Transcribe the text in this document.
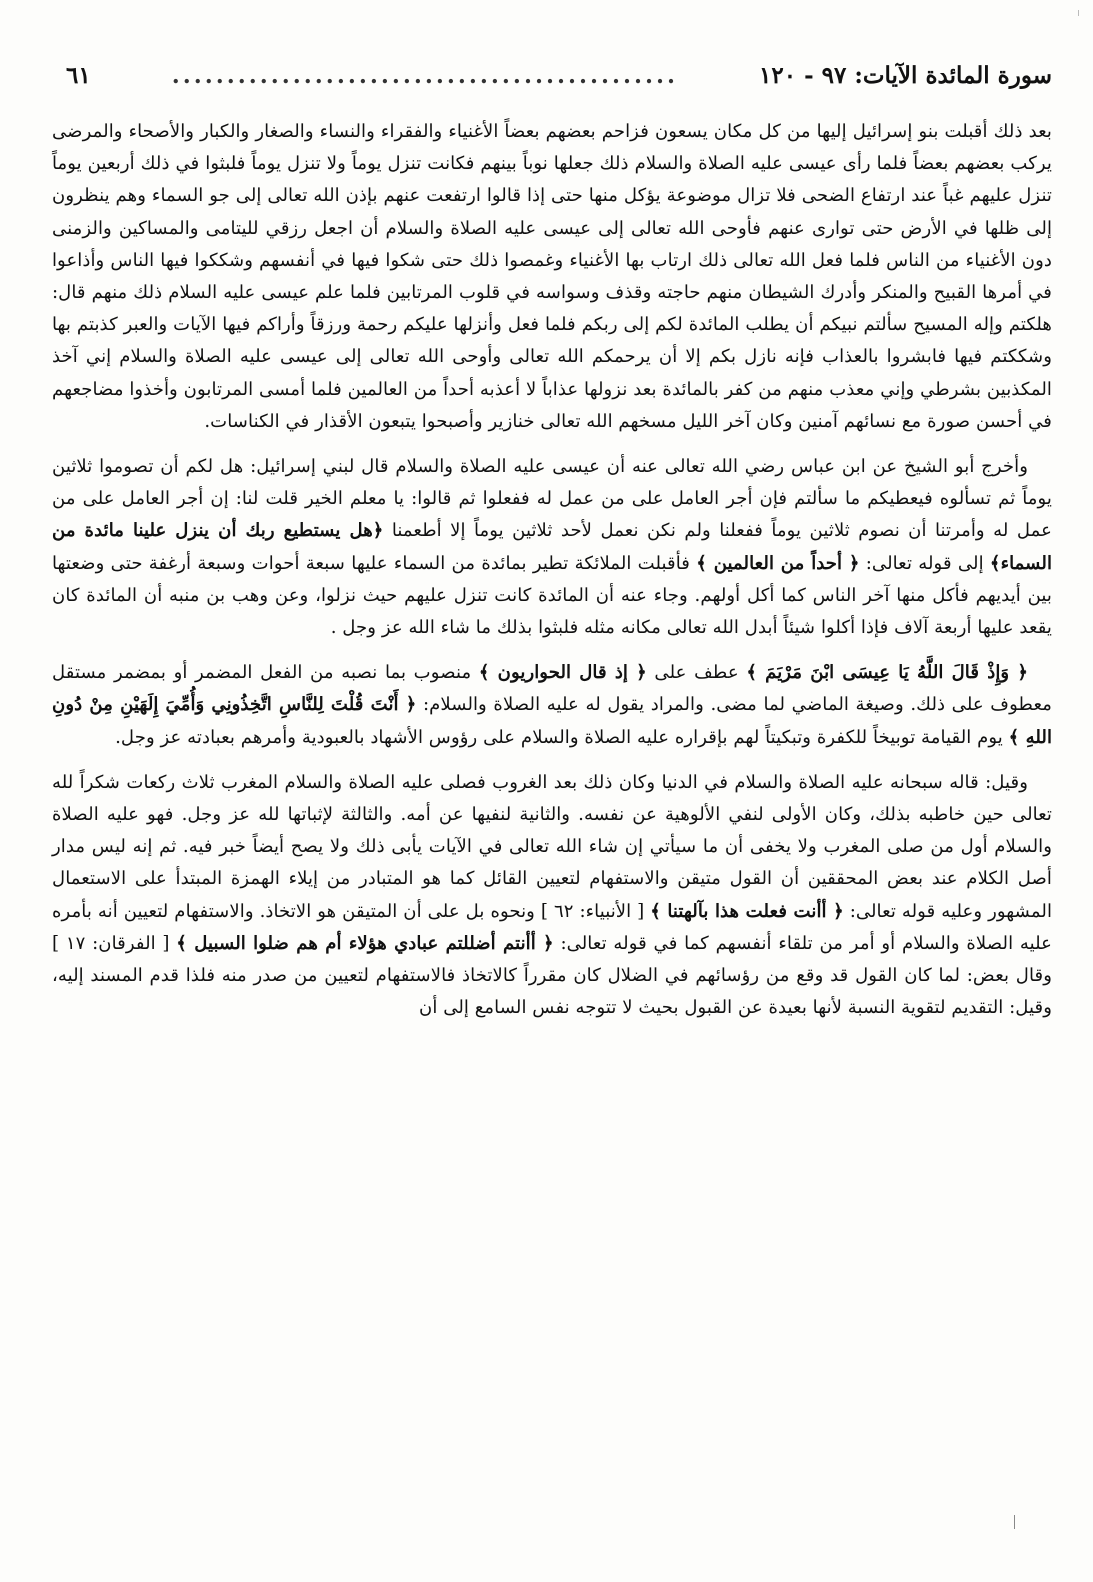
سورة المائدة الآيات: ٩٧ - ١٢٠
..............................................
٦١

بعد ذلك أقبلت بنو إسرائيل إليها من كل مكان يسعون فزاحم بعضهم بعضاً الأغنياء والفقراء والنساء والصغار والكبار والأصحاء والمرضى يركب بعضهم بعضاً فلما رأى عيسى عليه الصلاة والسلام ذلك جعلها نوباً بينهم فكانت تنزل يوماً ولا تنزل يوماً فلبثوا في ذلك أربعين يوماً تنزل عليهم غباً عند ارتفاع الضحى فلا تزال موضوعة يؤكل منها حتى إذا قالوا ارتفعت عنهم بإذن الله تعالى إلى جو السماء وهم ينظرون إلى ظلها في الأرض حتى توارى عنهم فأوحى الله تعالى إلى عيسى عليه الصلاة والسلام أن اجعل رزقي لليتامى والمساكين والزمنى دون الأغنياء من الناس فلما فعل الله تعالى ذلك ارتاب بها الأغنياء وغمصوا ذلك حتى شكوا فيها في أنفسهم وشككوا فيها الناس وأذاعوا في أمرها القبيح والمنكر وأدرك الشيطان منهم حاجته وقذف وسواسه في قلوب المرتابين فلما علم عيسى عليه السلام ذلك منهم قال: هلكتم وإله المسيح سألتم نبيكم أن يطلب المائدة لكم إلى ربكم فلما فعل وأنزلها عليكم رحمة ورزقاً وأراكم فيها الآيات والعبر كذبتم بها وشككتم فيها فابشروا بالعذاب فإنه نازل بكم إلا أن يرحمكم الله تعالى وأوحى الله تعالى إلى عيسى عليه الصلاة والسلام إني آخذ المكذبين بشرطي وإني معذب منهم من كفر بالمائدة بعد نزولها عذاباً لا أعذبه أحداً من العالمين فلما أمسى المرتابون وأخذوا مضاجعهم في أحسن صورة مع نسائهم آمنين وكان آخر الليل مسخهم الله تعالى خنازير وأصبحوا يتبعون الأقذار في الكناسات.

وأخرج أبو الشيخ عن ابن عباس رضي الله تعالى عنه أن عيسى عليه الصلاة والسلام قال لبني إسرائيل: هل لكم أن تصوموا ثلاثين يوماً ثم تسألوه فيعطيكم ما سألتم فإن أجر العامل على من عمل له ففعلوا ثم قالوا: يا معلم الخير قلت لنا: إن أجر العامل على من عمل له وأمرتنا أن نصوم ثلاثين يوماً ففعلنا ولم نكن نعمل لأحد ثلاثين يوماً إلا أطعمنا ﴿هل يستطيع ربك أن ينزل علينا مائدة من السماء﴾ إلى قوله تعالى: ﴿ أحداً من العالمين ﴾ فأقبلت الملائكة تطير بمائدة من السماء عليها سبعة أحوات وسبعة أرغفة حتى وضعتها بين أيديهم فأكل منها آخر الناس كما أكل أولهم. وجاء عنه أن المائدة كانت تنزل عليهم حيث نزلوا، وعن وهب بن منبه أن المائدة كان يقعد عليها أربعة آلاف فإذا أكلوا شيئاً أبدل الله تعالى مكانه مثله فلبثوا بذلك ما شاء الله عز وجل .

﴿ وَإِذْ قَالَ اللَّهُ يَا عِيسَى ابْنَ مَرْيَمَ ﴾ عطف على ﴿ إذ قال الحواريون ﴾ منصوب بما نصبه من الفعل المضمر أو بمضمر مستقل معطوف على ذلك. وصيغة الماضي لما مضى. والمراد يقول له عليه الصلاة والسلام: ﴿ أَنْتَ قُلْتَ لِلنَّاسِ اتَّخِذُونِي وَأُمِّيَ إِلَهَيْنِ مِنْ دُونِ اللهِ ﴾ يوم القيامة توبيخاً للكفرة وتبكيتاً لهم بإقراره عليه الصلاة والسلام على رؤوس الأشهاد بالعبودية وأمرهم بعبادته عز وجل.

وقيل: قاله سبحانه عليه الصلاة والسلام في الدنيا وكان ذلك بعد الغروب فصلى عليه الصلاة والسلام المغرب ثلاث ركعات شكراً لله تعالى حين خاطبه بذلك، وكان الأولى لنفي الألوهية عن نفسه. والثانية لنفيها عن أمه. والثالثة لإثباتها لله عز وجل. فهو عليه الصلاة والسلام أول من صلى المغرب ولا يخفى أن ما سيأتي إن شاء الله تعالى في الآيات يأبى ذلك ولا يصح أيضاً خبر فيه. ثم إنه ليس مدار أصل الكلام عند بعض المحققين أن القول متيقن والاستفهام لتعيين القائل كما هو المتبادر من إيلاء الهمزة المبتدأ على الاستعمال المشهور وعليه قوله تعالى: ﴿ أأنت فعلت هذا بآلهتنا ﴾ [ الأنبياء: ٦٢ ] ونحوه بل على أن المتيقن هو الاتخاذ. والاستفهام لتعيين أنه بأمره عليه الصلاة والسلام أو أمر من تلقاء أنفسهم كما في قوله تعالى: ﴿ أأنتم أضللتم عبادي هؤلاء أم هم ضلوا السبيل ﴾ [ الفرقان: ١٧ ] وقال بعض: لما كان القول قد وقع من رؤسائهم في الضلال كان مقرراً كالاتخاذ فالاستفهام لتعيين من صدر منه فلذا قدم المسند إليه، وقيل: التقديم لتقوية النسبة لأنها بعيدة عن القبول بحيث لا تتوجه نفس السامع إلى أن
